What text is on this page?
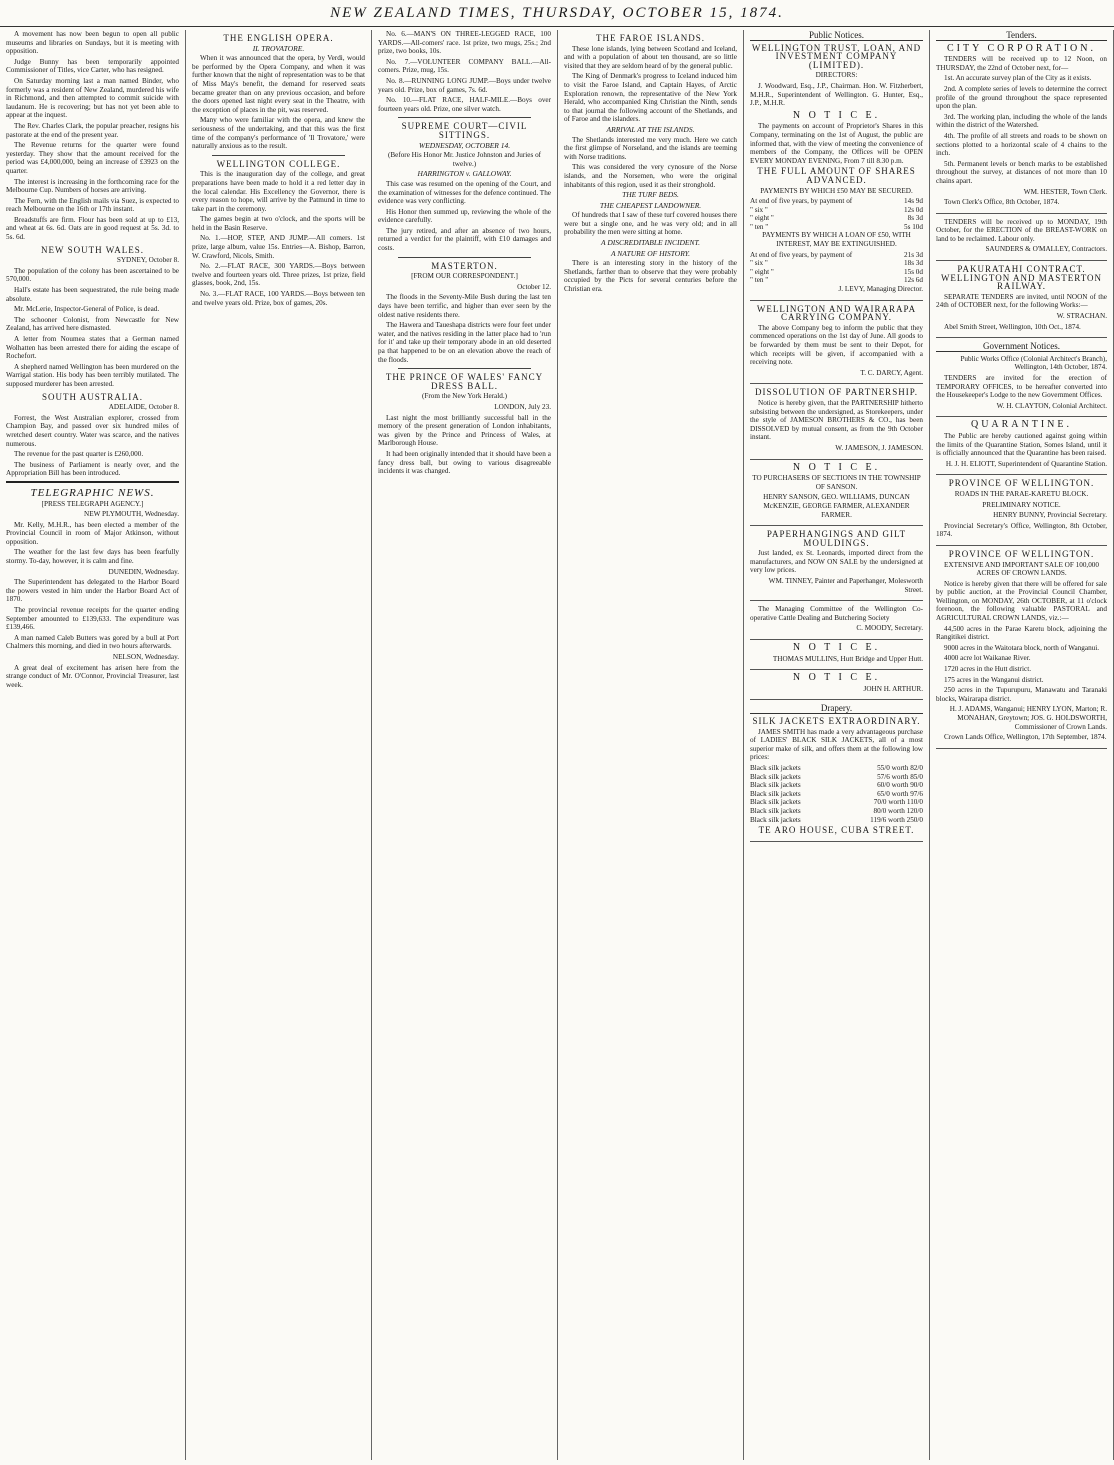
NEW ZEALAND TIMES, THURSDAY, OCTOBER 15, 1874.

A movement has now been begun to open all public museums and libraries on Sundays, but it is meeting with opposition.

Judge Bunny has been temporarily appointed Commissioner of Titles, vice Carter, who has resigned.

On Saturday morning last a man named Binder, who formerly was a resident of New Zealand, murdered his wife in Richmond, and then attempted to commit suicide with laudanum. He is recovering; but has not yet been able to appear at the inquest.

The Rev. Charles Clark, the popular preacher, resigns his pastorate at the end of the present year.

The Revenue returns for the quarter were found yesterday. They show that the amount received for the period was £4,000,000, being an increase of £3923 on the quarter.

The interest is increasing in the forthcoming race for the Melbourne Cup. Numbers of horses are arriving.

The Fern, with the English mails via Suez, is expected to reach Melbourne on the 16th or 17th instant.

Breadstuffs are firm. Flour has been sold at up to £13, and wheat at 6s. 6d. Oats are in good request at 5s. 3d. to 5s. 6d.

NEW SOUTH WALES.

SYDNEY, October 8.

The population of the colony has been ascertained to be 570,000.

Hall's estate has been sequestrated, the rule being made absolute.

Mr. McLerie, Inspector-General of Police, is dead.

The schooner Colonist, from Newcastle for New Zealand, has arrived here dismasted.

A letter from Noumea states that a German named Wolhatten has been arrested there for aiding the escape of Rochefort.

A shepherd named Wellington has been murdered on the Warrigal station. His body has been terribly mutilated. The supposed murderer has been arrested.

SOUTH AUSTRALIA.

ADELAIDE, October 8.

Forrest, the West Australian explorer, crossed from Champion Bay, and passed over six hundred miles of wretched desert country. Water was scarce, and the natives numerous.

The revenue for the past quarter is £260,000.

The business of Parliament is nearly over, and the Appropriation Bill has been introduced.

TELEGRAPHIC NEWS.

[PRESS TELEGRAPH AGENCY.]

NEW PLYMOUTH, Wednesday.

Mr. Kelly, M.H.R., has been elected a member of the Provincial Council in room of Major Atkinson, without opposition.

The weather for the last few days has been fearfully stormy. To-day, however, it is calm and fine.

DUNEDIN, Wednesday.

The Superintendent has delegated to the Harbor Board the powers vested in him under the Harbor Board Act of 1870.

The provincial revenue receipts for the quarter ending September amounted to £139,633. The expenditure was £139,466.

A man named Caleb Butters was gored by a bull at Port Chalmers this morning, and died in two hours afterwards.

NELSON, Wednesday.

A great deal of excitement has arisen here from the strange conduct of Mr. O'Connor, Provincial Treasurer, last week.

THE ENGLISH OPERA.
IL TROVATORE.

When it was announced that the opera, by Verdi, would be performed by the Opera Company, and when it was further known that the night of representation was to be that of Miss May's benefit, the demand for reserved seats became greater than on any previous occasion, and before the doors opened last night every seat in the Theatre, with the exception of places in the pit, was reserved.

Many who were familiar with the opera, and knew the seriousness of the undertaking, and that this was the first time of the company's performance of 'Il Trovatore,' were naturally anxious as to the result.

WELLINGTON COLLEGE.

This is the inauguration day of the college, and great preparations have been made to hold it a red letter day in the local calendar. His Excellency the Governor, there is every reason to hope, will arrive by the Patmund in time to take part in the ceremony.

The games begin at two o'clock, and the sports will be held in the Basin Reserve.

No. 1.—HOP, STEP, AND JUMP.—All comers. 1st prize, large album, value 15s. Entries—A. Bishop, Barron, W. Crawford, Nicols, Smith.

No. 2.—FLAT RACE, 300 YARDS.—Boys between twelve and fourteen years old. Three prizes, 1st prize, field glasses, book, 2nd, 15s.

No. 3.—FLAT RACE, 100 YARDS.—Boys between ten and twelve years old. Prize, box of games, 20s.

No. 6.—MAN'S ON THREE-LEGGED RACE, 100 YARDS.—All-comers' race. 1st prize, two mugs, 25s.; 2nd prize, two books, 10s.

No. 7.—VOLUNTEER COMPANY BALL.—All-comers. Prize, mug, 15s.

No. 8.—RUNNING LONG JUMP.—Boys under twelve years old. Prize, box of games, 7s. 6d.

No. 10.—FLAT RACE, HALF-MILE.—Boys over fourteen years old. Prize, one silver watch.

SUPREME COURT—CIVIL SITTINGS.
WEDNESDAY, OCTOBER 14.

(Before His Honor Mr. Justice Johnston and Juries of twelve.)

HARRINGTON v. GALLOWAY.

This case was resumed on the opening of the Court, and the examination of witnesses for the defence continued. The evidence was very conflicting.

His Honor then summed up, reviewing the whole of the evidence carefully.

The jury retired, and after an absence of two hours, returned a verdict for the plaintiff, with £10 damages and costs.

MASTERTON.

[FROM OUR CORRESPONDENT.]

October 12.

The floods in the Seventy-Mile Bush during the last ten days have been terrific, and higher than ever seen by the oldest native residents there.

The Hawera and Taueshapa districts were four feet under water, and the natives residing in the latter place had to 'run for it' and take up their temporary abode in an old deserted pa that happened to be on an elevation above the reach of the floods.

THE PRINCE OF WALES' FANCY DRESS BALL.

(From the New York Herald.)

LONDON, July 23.

Last night the most brilliantly successful ball in the memory of the present generation of London inhabitants, was given by the Prince and Princess of Wales, at Marlborough House.

It had been originally intended that it should have been a fancy dress ball, but owing to various disagreeable incidents it was changed.

THE FAROE ISLANDS.

These lone islands, lying between Scotland and Iceland, and with a population of about ten thousand, are so little visited that they are seldom heard of by the general public.

The King of Denmark's progress to Iceland induced him to visit the Faroe Island, and Captain Hayes, of Arctic Exploration renown, the representative of the New York Herald, who accompanied King Christian the Ninth, sends to that journal the following account of the Shetlands, and of Faroe and the islanders.

ARRIVAL AT THE ISLANDS.

The Shetlands interested me very much. Here we catch the first glimpse of Norseland, and the islands are teeming with Norse traditions.

This was considered the very cynosure of the Norse islands, and the Norsemen, who were the original inhabitants of this region, used it as their stronghold.

THE TURF BEDS.
THE CHEAPEST LANDOWNER.

Of hundreds that I saw of these turf covered houses there were but a single one, and he was very old; and in all probability the men were sitting at home.

A DISCREDITABLE INCIDENT.
A NATURE OF HISTORY.

There is an interesting story in the history of the Shetlands, farther than to observe that they were probably occupied by the Picts for several centuries before the Christian era.

Public Notices.
WELLINGTON TRUST, LOAN, AND INVESTMENT COMPANY (LIMITED).

DIRECTORS:

J. Woodward, Esq., J.P., Chairman. Hon. W. Fitzherbert, M.H.R., Superintendent of Wellington. G. Hunter, Esq., J.P., M.H.R.

N O T I C E.

The payments on account of Proprietor's Shares in this Company, terminating on the 1st of August, the public are informed that, with the view of meeting the convenience of members of the Company, the Offices will be OPEN EVERY MONDAY EVENING, From 7 till 8.30 p.m.

THE FULL AMOUNT OF SHARES ADVANCED.

PAYMENTS BY WHICH £50 MAY BE SECURED.

At end of five years, by payment of	14s 9d
" six "	12s 0d
" eight "	8s 3d
" ten "	5s 10d

PAYMENTS BY WHICH A LOAN OF £50, WITH INTEREST, MAY BE EXTINGUISHED.

At end of five years, by payment of	21s 3d
" six "	18s 3d
" eight "	15s 0d
" ten "	12s 6d

J. LEVY, Managing Director.

WELLINGTON AND WAIRARAPA CARRYING COMPANY.

The above Company beg to inform the public that they commenced operations on the 1st day of June. All goods to be forwarded by them must be sent to their Depot, for which receipts will be given, if accompanied with a receiving note.

T. C. DARCY, Agent.

DISSOLUTION OF PARTNERSHIP.

Notice is hereby given, that the PARTNERSHIP hitherto subsisting between the undersigned, as Storekeepers, under the style of JAMESON BROTHERS & CO., has been DISSOLVED by mutual consent, as from the 9th October instant.

W. JAMESON, J. JAMESON.

N O T I C E.

TO PURCHASERS OF SECTIONS IN THE TOWNSHIP OF SANSON.

HENRY SANSON, GEO. WILLIAMS, DUNCAN McKENZIE, GEORGE FARMER, ALEXANDER FARMER.

PAPERHANGINGS AND GILT MOULDINGS.

Just landed, ex St. Leonards, imported direct from the manufacturers, and NOW ON SALE by the undersigned at very low prices.

WM. TINNEY, Painter and Paperhanger, Molesworth Street.

The Managing Committee of the Wellington Co-operative Cattle Dealing and Butchering Society

C. MOODY, Secretary.

N O T I C E.

THOMAS MULLINS, Hutt Bridge and Upper Hutt.

N O T I C E.

JOHN H. ARTHUR.

Drapery.
SILK JACKETS EXTRAORDINARY.

JAMES SMITH has made a very advantageous purchase of LADIES' BLACK SILK JACKETS, all of a most superior make of silk, and offers them at the following low prices:

Black silk jackets	55/0 worth 82/0
Black silk jackets	57/6 worth 85/0
Black silk jackets	60/0 worth 90/0
Black silk jackets	65/0 worth 97/6
Black silk jackets	70/0 worth 110/0
Black silk jackets	80/0 worth 120/0
Black silk jackets	119/6 worth 250/0
TE ARO HOUSE, CUBA STREET.
Tenders.
CITY CORPORATION.

TENDERS will be received up to 12 Noon, on THURSDAY, the 22nd of October next, for—

1st. An accurate survey plan of the City as it exists.

2nd. A complete series of levels to determine the correct profile of the ground throughout the space represented upon the plan.

3rd. The working plan, including the whole of the lands within the district of the Watershed.

4th. The profile of all streets and roads to be shown on sections plotted to a horizontal scale of 4 chains to the inch.

5th. Permanent levels or bench marks to be established throughout the survey, at distances of not more than 10 chains apart.

WM. HESTER, Town Clerk.

Town Clerk's Office, 8th October, 1874.

TENDERS will be received up to MONDAY, 19th October, for the ERECTION of the BREAST-WORK on land to be reclaimed. Labour only.

SAUNDERS & O'MALLEY, Contractors.

PAKURATAHI CONTRACT. WELLINGTON AND MASTERTON RAILWAY.

SEPARATE TENDERS are invited, until NOON of the 24th of OCTOBER next, for the following Works:—

W. STRACHAN.

Abel Smith Street, Wellington, 10th Oct., 1874.

Government Notices.

Public Works Office (Colonial Architect's Branch), Wellington, 14th October, 1874.

TENDERS are invited for the erection of TEMPORARY OFFICES, to be hereafter converted into the Housekeeper's Lodge to the new Government Offices.

W. H. CLAYTON, Colonial Architect.

QUARANTINE.

The Public are hereby cautioned against going within the limits of the Quarantine Station, Somes Island, until it is officially announced that the Quarantine has been raised.

H. J. H. ELIOTT, Superintendent of Quarantine Station.

PROVINCE OF WELLINGTON.

ROADS IN THE PARAE-KARETU BLOCK.

PRELIMINARY NOTICE.

HENRY BUNNY, Provincial Secretary.

Provincial Secretary's Office, Wellington, 8th October, 1874.

PROVINCE OF WELLINGTON.

EXTENSIVE AND IMPORTANT SALE OF 100,000 ACRES OF CROWN LANDS.

Notice is hereby given that there will be offered for sale by public auction, at the Provincial Council Chamber, Wellington, on MONDAY, 26th OCTOBER, at 11 o'clock forenoon, the following valuable PASTORAL and AGRICULTURAL CROWN LANDS, viz.:—

44,500 acres in the Parae Karetu block, adjoining the Rangitikei district.

9000 acres in the Waitotara block, north of Wanganui.

4000 acre lot Waikanae River.

1720 acres in the Hutt district.

175 acres in the Wanganui district.

250 acres in the Tupurupuru, Manawatu and Taranaki blocks, Wairarapa district.

H. J. ADAMS, Wanganui; HENRY LYON, Marton; R. MONAHAN, Greytown; JOS. G. HOLDSWORTH, Commissioner of Crown Lands.

Crown Lands Office, Wellington, 17th September, 1874.
